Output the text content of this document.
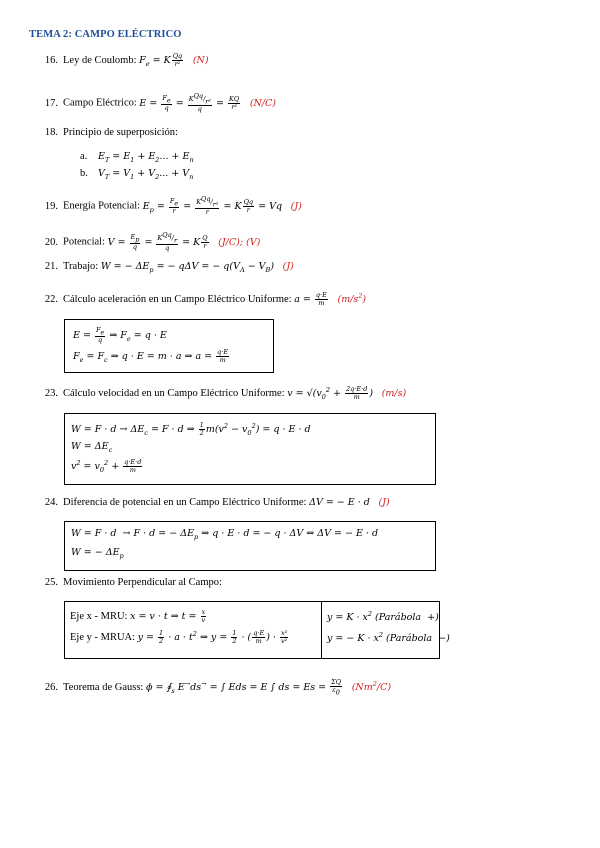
TEMA 2: CAMPO ELÉCTRICO
16. Ley de Coulomb: $F_e = K \frac{Qq}{\text{r²}} (N)$
17. Campo Eléctrico: $E = \frac{F_e}{q} = \frac{K^{Qq}/_{r^2}}{q} = \frac{KQ}{\text{r²}} (N/C)$
18. Principio de superposición:
a. $E_T = E_1 + E_2$... + $E_n$
b. $V_T = V_1 + V_2$... + $V_n$
19. Energía Potencial: $E_p = \frac{F_e}{r} = \frac{K^{Qq}/_{r^2}}{r} = K \frac{Qq}{r} = Vq$ (J)
20. Potencial: $V = \frac{E_p}{q} = \frac{K^{Qq}/_r}{q} = K \frac{Q}{r} (J/C)$; (V)
21. Trabajo: W = − $\Delta E_p$ = − qΔV = − $q(V_A - V_B)$ (J)
22. Cálculo aceleración en un Campo Eléctrico Uniforme: $a = \frac{q\cdot E}{m} (m/s^2)$
$E = \frac{F_e}{q}$ ⇒ $F_e = q \cdot E$
$F_e = F_c$ ⇒ q · E = m · a ⇒ $a = \frac{q\cdot E}{m}$
23. Cálculo velocidad en un Campo Eléctrico Uniforme: $v = √(v_0^2 + \frac{2q\cdot E\cdot d}{m}$ ) (m/s)
$W = F \cdot d \to \Delta E_c = F \cdot d$ ⇒ $\frac{1}{2} m(v^2 - v_0^2) = q \cdot E \cdot d$
$W = \Delta E_c$
$v^2 = v_0^2 + \frac{q\cdot E\cdot d}{m}$
24. Diferencia de potencial en un Campo Eléctrico Uniforme: ΔV = − E · d (J)
W = F · d  → F · d = − $\Delta E_p$ ⇒ q · E · d = − q · ΔV ⇒ ΔV = − E · d
W = − $\Delta E_p$
25. Movimiento Perpendicular al Campo:
Eje x - MRU: x = v · t ⇒ $t = \frac{x}{v}$
Eje y - MRUA: $y = \frac{1}{2} \cdot a \cdot t^2$ ⇒ $y = \frac{1}{2}$ · ( $\frac{q\cdot E}{m}$ ) · $\frac{\text{x²}}{\text{v²}}$
$y = K \cdot x^2$ (Parábola  +)
y = − $K \cdot x^2$ (Parábola  −)
26. Teorema de Gauss: $\phi = ∮_s$ E→ds→ = ∫ Eds = E ∫ ds = $Es = \frac{\Sigma Q}{\varepsilon_0} (Nm^2/C)$
